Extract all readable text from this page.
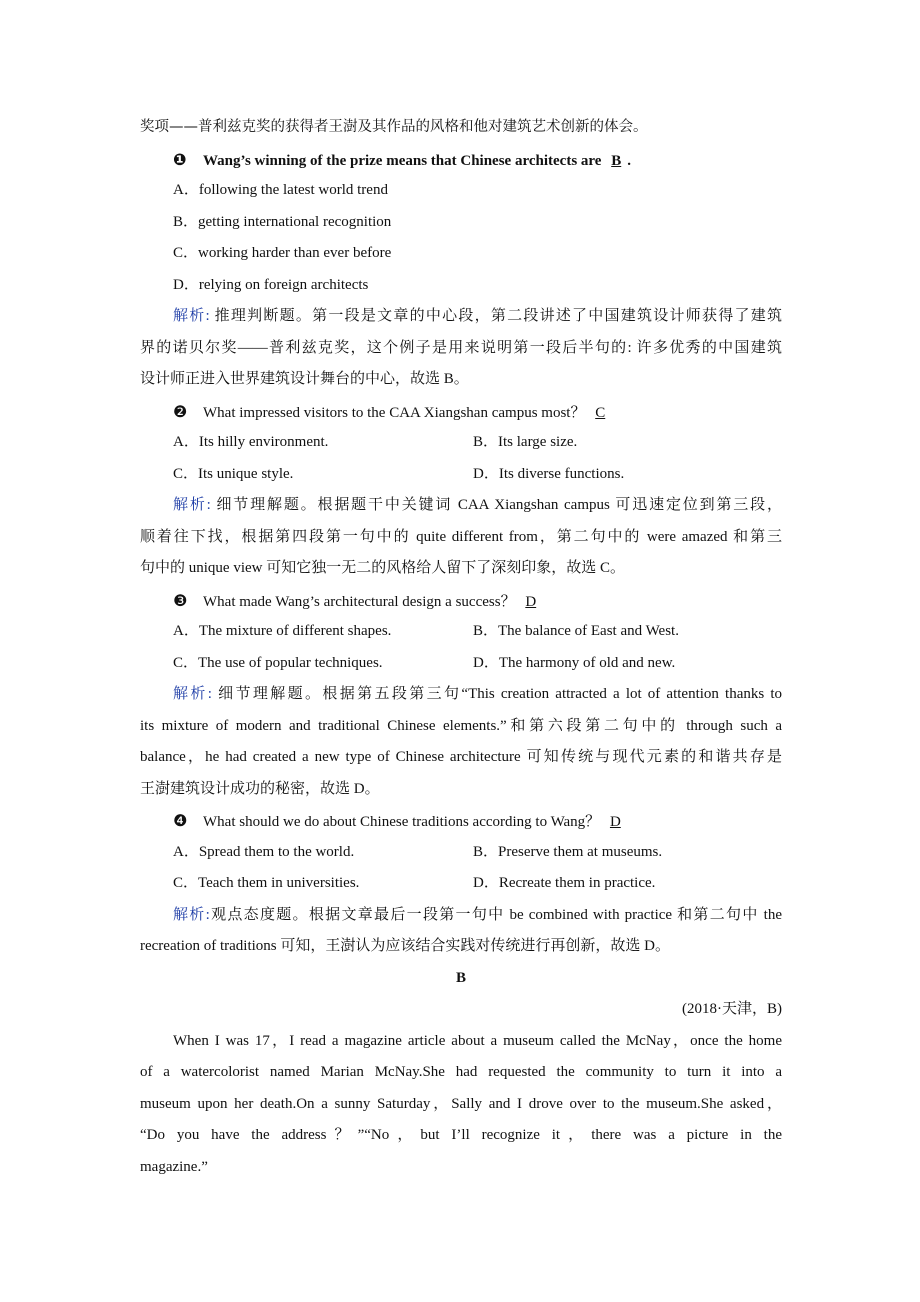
奖项——普利兹克奖的获得者王澍及其作品的风格和他对建筑艺术创新的体会。
❶ Wang’s winning of the prize means that Chinese architects are B .
A．following the latest world trend
B．getting international recognition
C．working harder than ever before
D．relying on foreign architects
解析: 推理判断题。第一段是文章的中心段，第二段讲述了中国建筑设计师获得了建筑
界的诺贝尔奖——普利兹克奖，这个例子是用来说明第一段后半句的: 许多优秀的中国建筑
设计师正进入世界建筑设计舞台的中心，故选 B。
❷ What impressed visitors to the CAA Xiangshan campus most？ C
A．Its hilly environment.	B．Its large size.
C．Its unique style.	D．Its diverse functions.
解析: 细节理解题。根据题干中关键词 CAA Xiangshan campus 可迅速定位到第三段，
顺着往下找，根据第四段第一句中的 quite different from，第二句中的 were amazed 和第三
句中的 unique view 可知它独一无二的风格给人留下了深刻印象，故选 C。
❸ What made Wang’s architectural design a success？ D
A．The mixture of different shapes.	B．The balance of East and West.
C．The use of popular techniques.	D．The harmony of old and new.
解析: 细节理解题。根据第五段第三句“This creation attracted a lot of attention thanks to
its mixture of modern and traditional Chinese elements.”和第六段第二句中的 through such a
balance，he had created a new type of Chinese architecture 可知传统与现代元素的和谐共存是
王澍建筑设计成功的秘密，故选 D。
❹ What should we do about Chinese traditions according to Wang？ D
A．Spread them to the world.	B．Preserve them at museums.
C．Teach them in universities.	D．Recreate them in practice.
解析:观点态度题。根据文章最后一段第一句中 be combined with practice 和第二句中 the
recreation of traditions 可知，王澍认为应该结合实践对传统进行再创新，故选 D。
B
(2018·天津，B)
When I was 17，I read a magazine article about a museum called the McNay，once the home
of a watercolorist named Marian McNay.She had requested the community to turn it into a
museum upon her death.On a sunny Saturday，Sally and I drove over to the museum.She asked，
“Do you have the address？”“No，but I’ll recognize it，there was a picture in the
magazine.”
